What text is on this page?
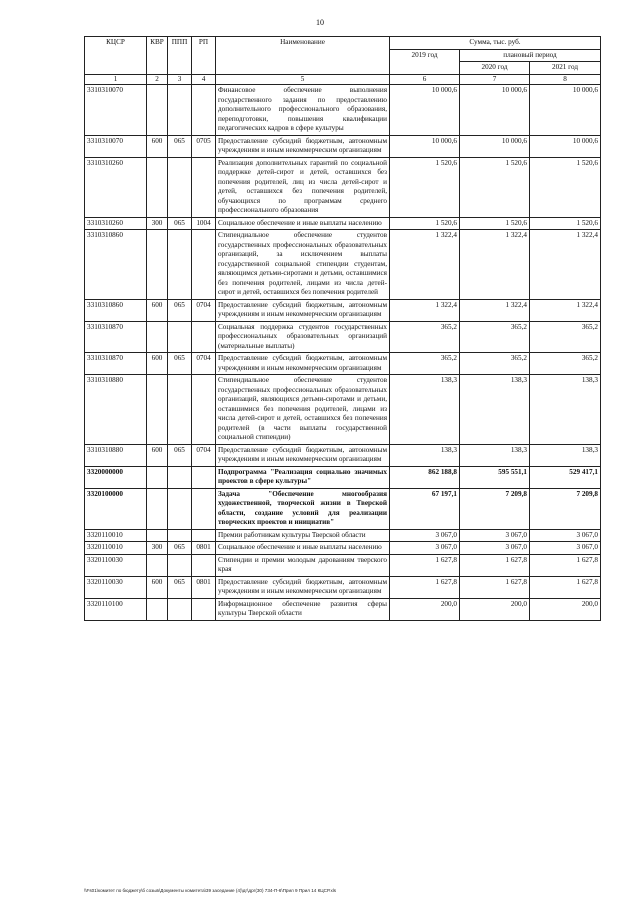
10
КЦСР	КВР	ППП	РП	Наименование	Сумма, тыс. руб.		
					2019 год	плановый период	
						2020 год	2021 год
1	2	3	4	5	6	7	8
3310310070				Финансовое обеспечение выполнения государственного задания по предоставлению дополнительного профессионального образования, переподготовки, повышения квалификации педагогических кадров в сфере культуры	10 000,6	10 000,6	10 000,6
3310310070	600	065	0705	Предоставление субсидий бюджетным, автономным учреждениям и иным некоммерческим организациям	10 000,6	10 000,6	10 000,6
3310310260				Реализация дополнительных гарантий по социальной поддержке детей-сирот и детей, оставшихся без попечения родителей, лиц из числа детей-сирот и детей, оставшихся без попечения родителей, обучающихся по программам среднего профессионального образования	1 520,6	1 520,6	1 520,6
3310310260	300	065	1004	Социальное обеспечение и иные выплаты населению	1 520,6	1 520,6	1 520,6
3310310860				Стипендиальное обеспечение студентов государственных профессиональных образовательных организаций, за исключением выплаты государственной социальной стипендии студентам, являющимся детьми-сиротами и детьми, оставшимися без попечения родителей, лицами из числа детей-сирот и детей, оставшихся без попечения родителей	1 322,4	1 322,4	1 322,4
3310310860	600	065	0704	Предоставление субсидий бюджетным, автономным учреждениям и иным некоммерческим организациям	1 322,4	1 322,4	1 322,4
3310310870				Социальная поддержка студентов государственных профессиональных образовательных организаций (материальные выплаты)	365,2	365,2	365,2
3310310870	600	065	0704	Предоставление субсидий бюджетным, автономным учреждениям и иным некоммерческим организациям	365,2	365,2	365,2
3310310880				Стипендиальное обеспечение студентов государственных профессиональных образовательных организаций, являющихся детьми-сиротами и детьми, оставшимися без попечения родителей, лицами из числа детей-сирот и детей, оставшихся без попечения родителей (в части выплаты государственной социальной стипендии)	138,3	138,3	138,3
3310310880	600	065	0704	Предоставление субсидий бюджетным, автономным учреждениям и иным некоммерческим организациям	138,3	138,3	138,3
3320000000				Подпрограмма "Реализация социально значимых проектов в сфере культуры"	862 188,8	595 551,1	529 417,1
3320100000				Задача "Обеспечение многообразия художественной, творческой жизни в Тверской области, создание условий для реализации творческих проектов и инициатив"	67 197,1	7 209,8	7 209,8
3320110010				Премии работникам культуры Тверской области	3 067,0	3 067,0	3 067,0
3320110010	300	065	0801	Социальное обеспечение и иные выплаты населению	3 067,0	3 067,0	3 067,0
3320110030				Стипендии и премии молодым дарованиям тверского края	1 627,8	1 627,8	1 627,8
3320110030	600	065	0801	Предоставление субсидий бюджетным, автономным учреждениям и иным некоммерческим организациям	1 627,8	1 627,8	1 627,8
3320110100				Информационное обеспечение развития сферы культуры Тверской области	200,0	200,0	200,0
\\Fs01\комитет по бюджету\б созыв\Документы комитета\39 заседание (4)\дг\дрг(30) 734-П-6\Прил 9 Прил 14 КЦСР.xls
